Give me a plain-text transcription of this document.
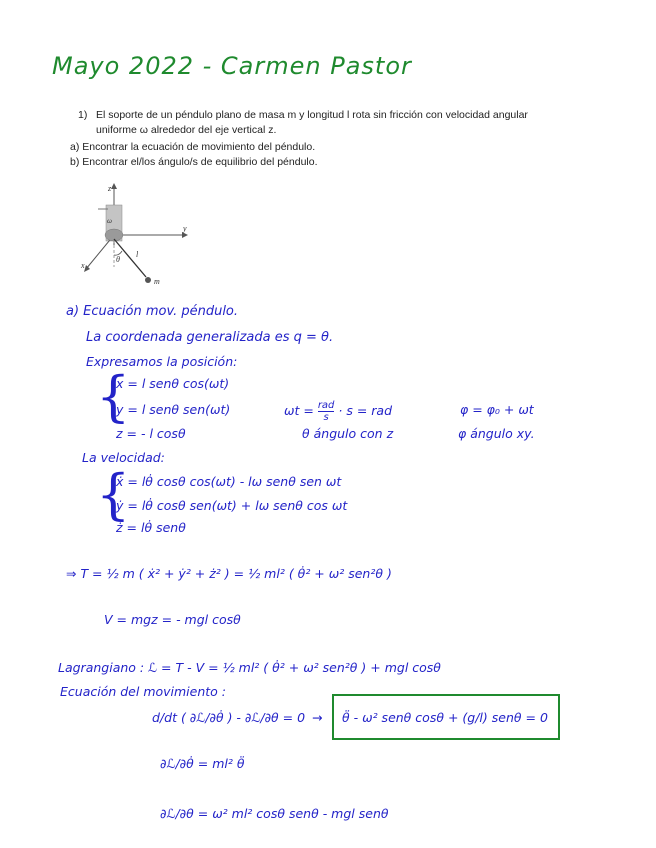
Mayo 2022 - Carmen Pastor
1) El soporte de un péndulo plano de masa m y longitud l rota sin fricción con velocidad angular
uniforme ω alrededor del eje vertical z.
a) Encontrar la ecuación de movimiento del péndulo.
b) Encontrar el/los ángulo/s de equilibrio del péndulo.
z
ω
y
x
θ
l
m
a) Ecuación mov. péndulo.
La coordenada generalizada es q = θ.
Expresamos la posición:
{
x = l senθ cos(ωt)
y = l senθ sen(ωt)
z = - l cosθ
$\omega t = \frac{\text{rad}}{s} \cdot s$ = rad	φ = φ₀ + ωt
θ ángulo con z	φ ángulo xy.
La velocidad:
{
ẋ = lθ̇ cosθ cos(ωt) - lω senθ sen ωt
ẏ = lθ̇ cosθ sen(ωt) + lω senθ cos ωt
ż = lθ̇ senθ
⇒ T = ½ m ( ẋ² + ẏ² + ż² ) = ½ ml² ( θ̇² + ω² sen²θ )
V = mgz = - mgl cosθ
Lagrangiano : ℒ = T - V = ½ ml² ( θ̇² + ω² sen²θ ) + mgl cosθ
Ecuación del movimiento :
d/dt ( ∂ℒ/∂θ̇ ) - ∂ℒ/∂θ = 0 → θ̈ - ω² senθ cosθ + (g/l) senθ = 0
∂ℒ/∂θ̇ = ml² θ̈
∂ℒ/∂θ = ω² ml² cosθ senθ - mgl senθ
